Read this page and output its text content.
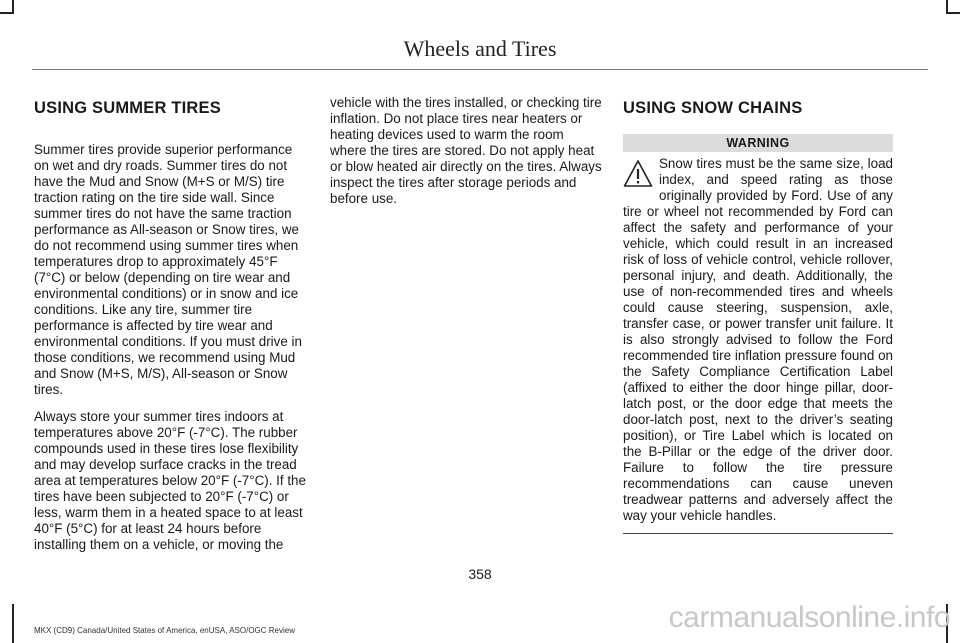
Wheels and Tires
USING SUMMER TIRES

Summer tires provide superior performance on wet and dry roads. Summer tires do not have the Mud and Snow (M+S or M/S) tire traction rating on the tire side wall. Since summer tires do not have the same traction performance as All-season or Snow tires, we do not recommend using summer tires when temperatures drop to approximately 45°F (7°C) or below (depending on tire wear and environmental conditions) or in snow and ice conditions. Like any tire, summer tire performance is affected by tire wear and environmental conditions. If you must drive in those conditions, we recommend using Mud and Snow (M+S, M/S), All-season or Snow tires.

Always store your summer tires indoors at temperatures above 20°F (-7°C). The rubber compounds used in these tires lose flexibility and may develop surface cracks in the tread area at temperatures below 20°F (-7°C). If the tires have been subjected to 20°F (-7°C) or less, warm them in a heated space to at least 40°F (5°C) for at least 24 hours before installing them on a vehicle, or moving the

vehicle with the tires installed, or checking tire inflation. Do not place tires near heaters or heating devices used to warm the room where the tires are stored. Do not apply heat or blow heated air directly on the tires. Always inspect the tires after storage periods and before use.

USING SNOW CHAINS
WARNING
Snow tires must be the same size, load index, and speed rating as those originally provided by Ford. Use of any tire or wheel not recommended by Ford can affect the safety and performance of your vehicle, which could result in an increased risk of loss of vehicle control, vehicle rollover, personal injury, and death. Additionally, the use of non-recommended tires and wheels could cause steering, suspension, axle, transfer case, or power transfer unit failure. It is also strongly advised to follow the Ford recommended tire inflation pressure found on the Safety Compliance Certification Label (affixed to either the door hinge pillar, door-latch post, or the door edge that meets the door-latch post, next to the driver’s seating position), or Tire Label which is located on the B-Pillar or the edge of the driver door. Failure to follow the tire pressure recommendations can cause uneven treadwear patterns and adversely affect the way your vehicle handles.
358
MKX (CD9) Canada/United States of America, enUSA, ASO/OGC Review	carmanualsonline.info
